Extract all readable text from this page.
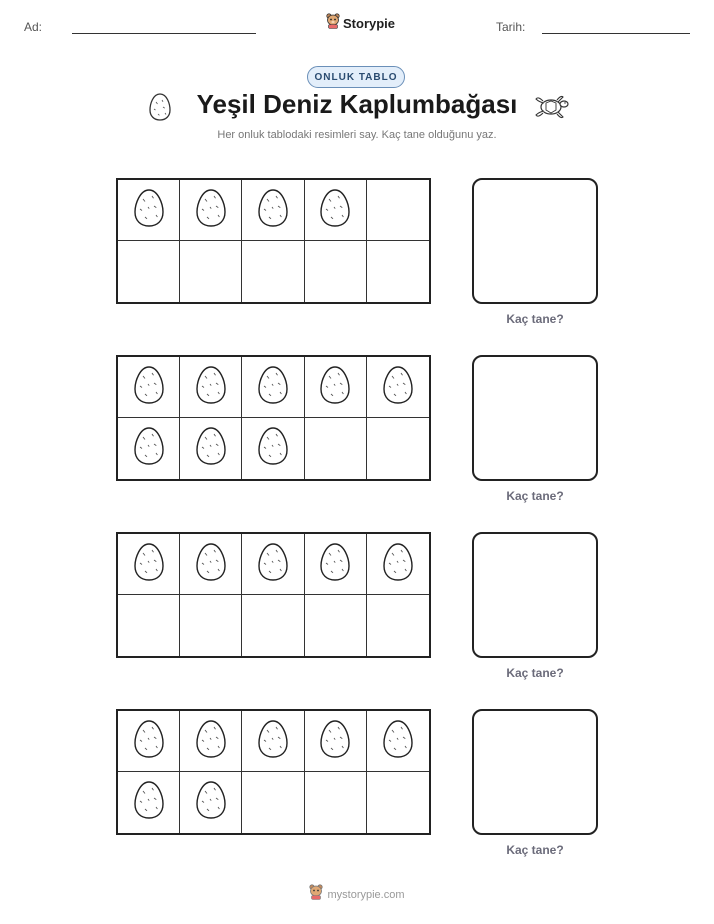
Ad:	Storypie	Tarih:
ONLUK TABLO
Yeşil Deniz Kaplumbağası
Her onluk tablodaki resimleri say. Kaç tane olduğunu yaz.
Kaç tane?
Kaç tane?
Kaç tane?
Kaç tane?
mystorypie.com
